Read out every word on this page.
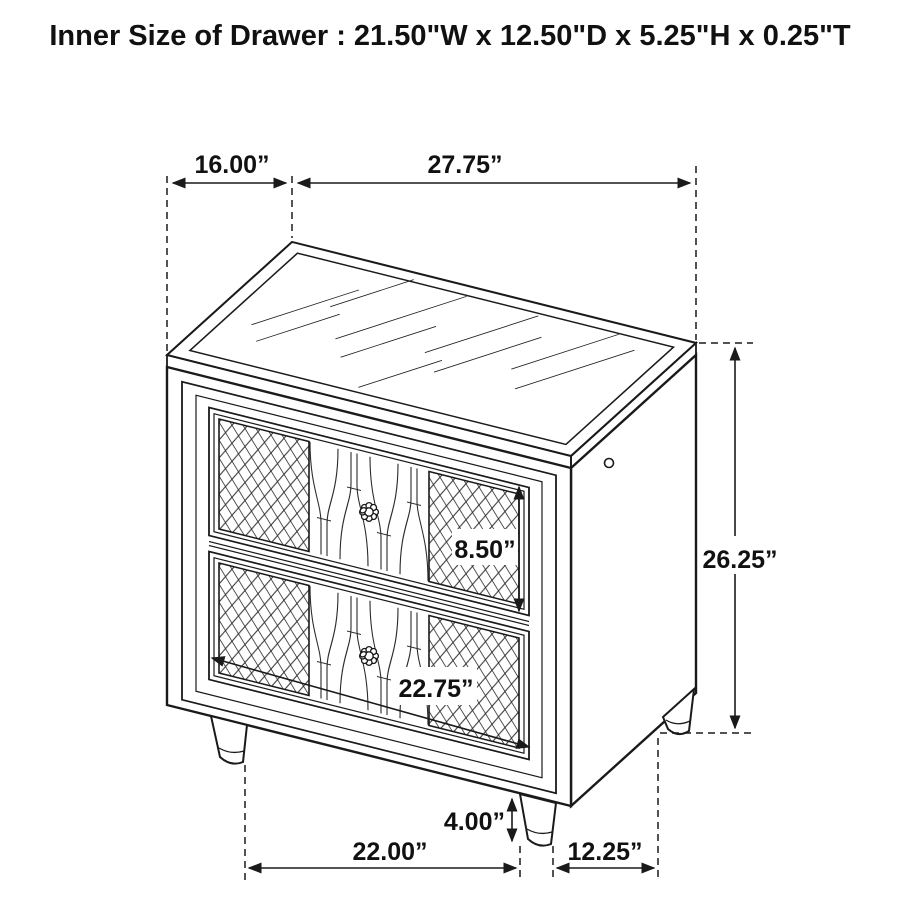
Inner Size of Drawer : 21.50"W x 12.50"D x 5.25"H x 0.25"T
16.00”	27.75”
26.25”
8.50”
22.75”
4.00”
22.00”	12.25”
